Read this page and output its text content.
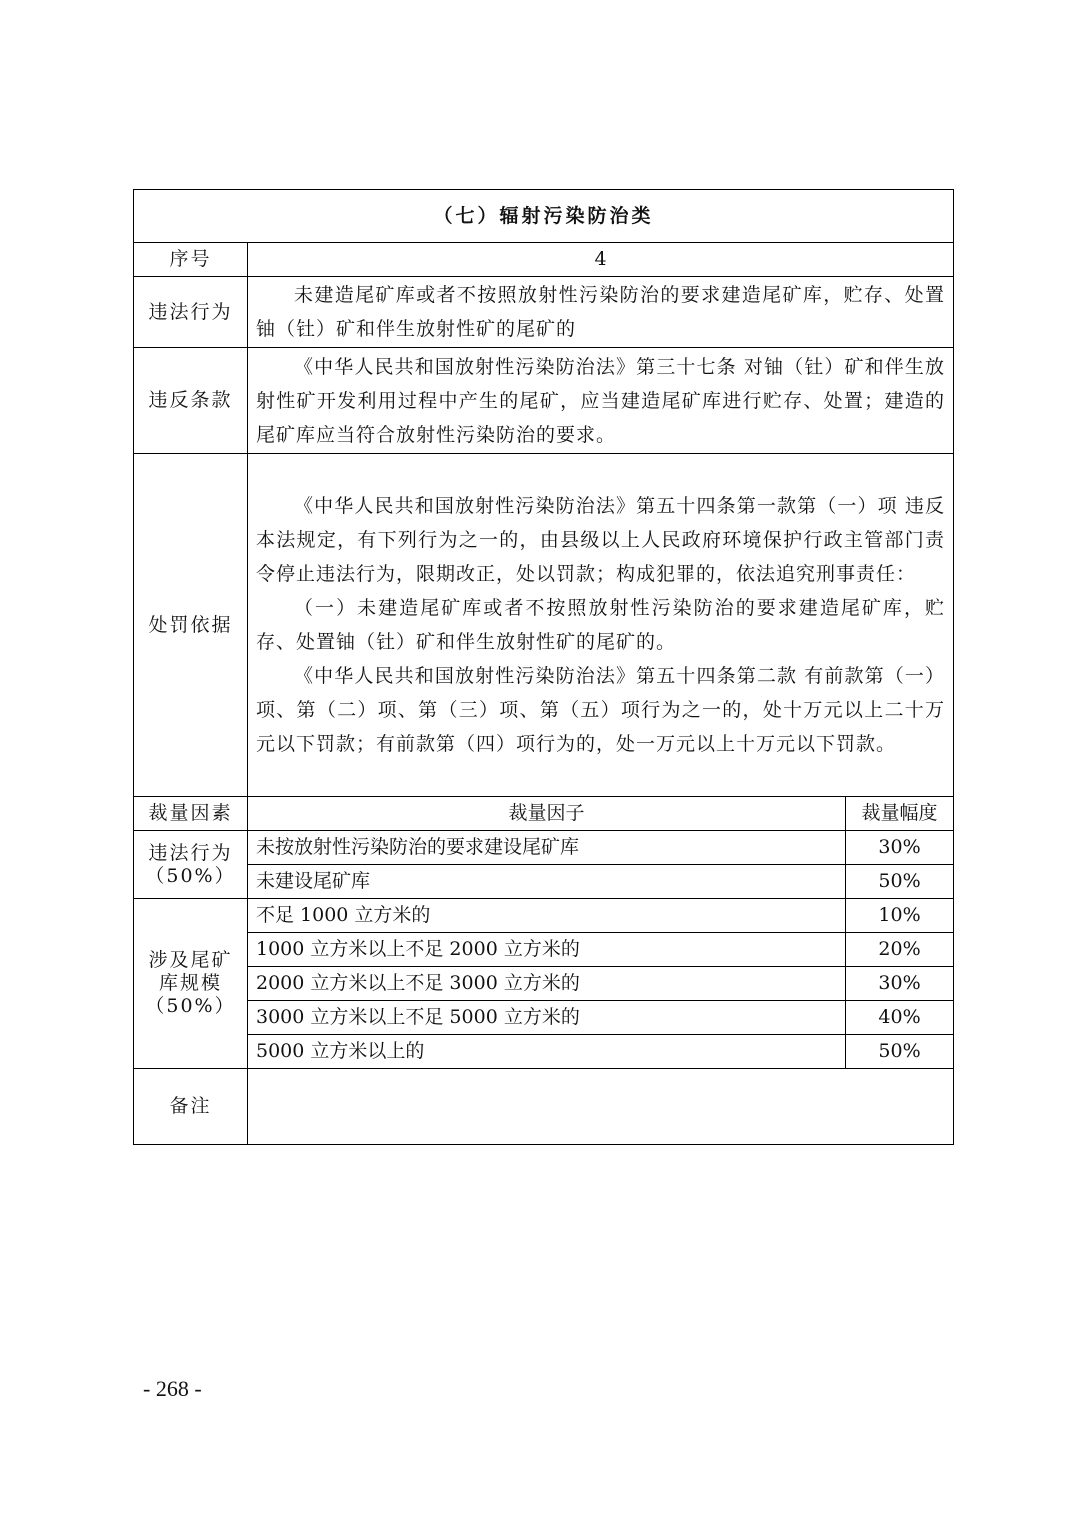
（七）辐射污染防治类		
序号	4	
违法行为	未建造尾矿库或者不按照放射性污染防治的要求建造尾矿库，贮存、处置铀（钍）矿和伴生放射性矿的尾矿的	

违反条款	《中华人民共和国放射性污染防治法》第三十七条 对铀（钍）矿和伴生放射性矿开发利用过程中产生的尾矿，应当建造尾矿库进行贮存、处置；建造的尾矿库应当符合放射性污染防治的要求。	

处罚依据	《中华人民共和国放射性污染防治法》第五十四条第一款第（一）项 违反本法规定，有下列行为之一的，由县级以上人民政府环境保护行政主管部门责令停止违法行为，限期改正，处以罚款；构成犯罪的，依法追究刑事责任：

（一）未建造尾矿库或者不按照放射性污染防治的要求建造尾矿库，贮存、处置铀（钍）矿和伴生放射性矿的尾矿的。

《中华人民共和国放射性污染防治法》第五十四条第二款 有前款第（一）项、第（二）项、第（三）项、第（五）项行为之一的，处十万元以上二十万元以下罚款；有前款第（四）项行为的，处一万元以上十万元以下罚款。	

裁量因素	裁量因子	裁量幅度
违法行为
（50%）	未按放射性污染防治的要求建设尾矿库	30%
	未建设尾矿库	50%
涉及尾矿
库规模
（50%）	不足 1000 立方米的	10%
	1000 立方米以上不足 2000 立方米的	20%
	2000 立方米以上不足 3000 立方米的	30%
	3000 立方米以上不足 5000 立方米的	40%
	5000 立方米以上的	50%
备注		
- 268 -
